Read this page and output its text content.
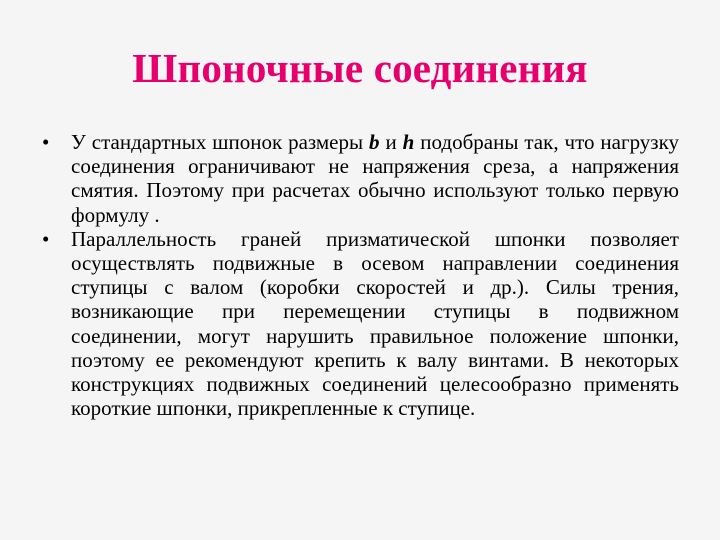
Шпоночные соединения
• У стандартных шпонок размеры b и h подобраны так, что нагрузку соединения ограничивают не напряжения среза, а напряжения смятия. Поэтому при расчетах обычно используют только первую формулу .
• Параллельность граней призматической шпонки позволяет осуществлять подвижные в осевом направлении соединения ступицы с валом (коробки скоростей и др.). Силы трения, возникающие при перемещении ступицы в подвижном соединении, могут нарушить правильное положение шпонки, поэтому ее рекомендуют крепить к валу винтами. В некоторых конструкциях подвижных соединений целесообразно применять короткие шпонки, прикрепленные к ступице.
